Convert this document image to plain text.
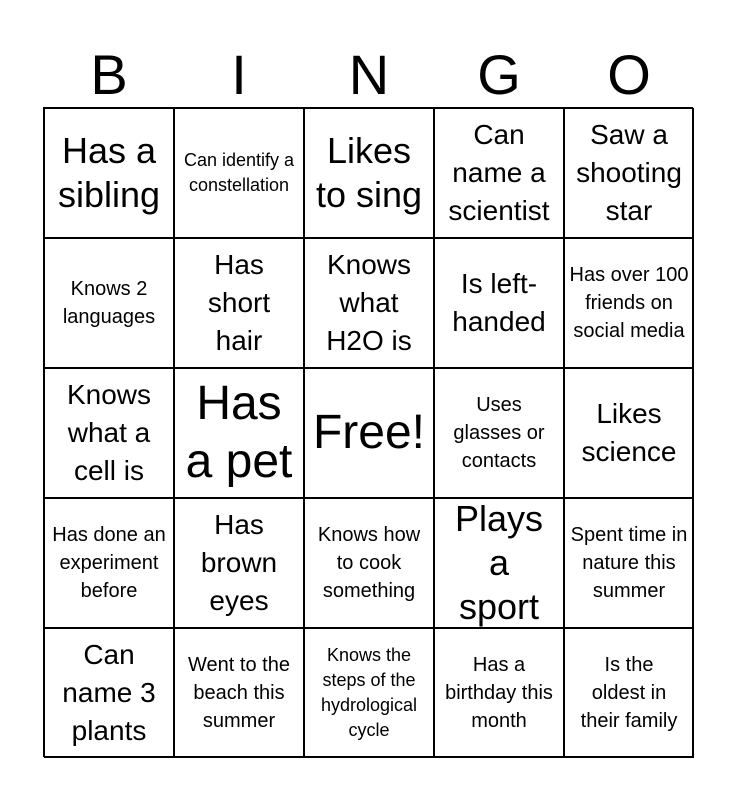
B	I	N	G	O
Has a sibling
Can identify a constellation
Likes to sing
Can name a scientist
Saw a shooting star
Knows 2 languages
Has short hair
Knows what H2O is
Is left-handed
Has over 100 friends on social media
Knows what a cell is
Has a pet
Free!
Uses glasses or contacts
Likes science
Has done an experiment before
Has brown eyes
Knows how to cook something
Plays a sport
Spent time in nature this summer
Can name 3 plants
Went to the beach this summer
Knows the steps of the hydrological cycle
Has a birthday this month
Is the oldest in their family
